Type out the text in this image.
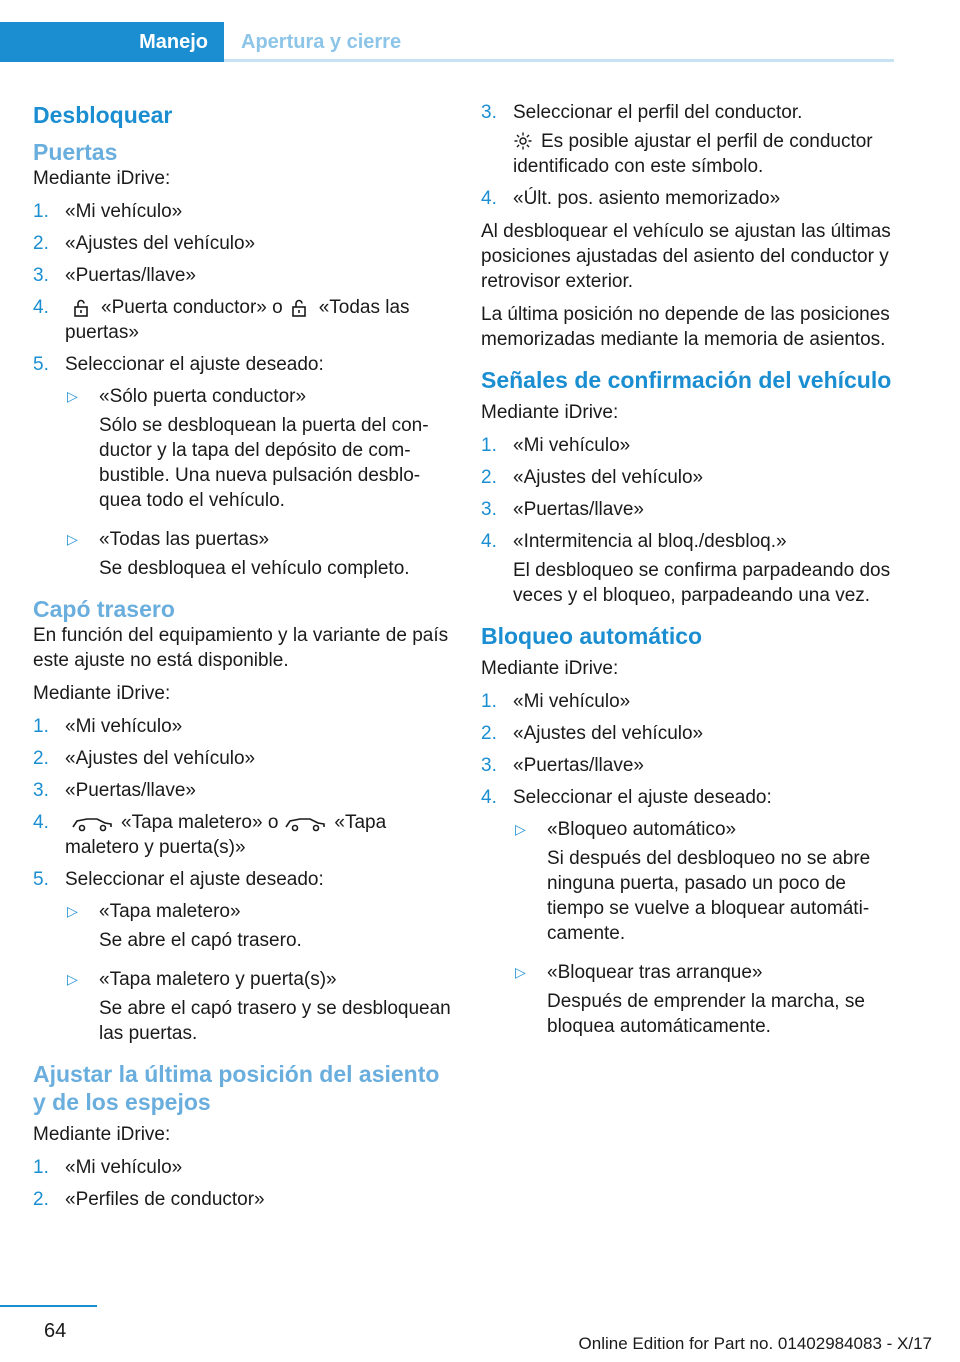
Manejo Apertura y cierre
Desbloquear
Puertas

Mediante iDrive:

1. «Mi vehículo»
2. «Ajustes del vehículo»
3. «Puertas/llave»
4.	«Puerta conductor» o «Todas las puertas»
5. Seleccionar el ajuste deseado:
▷ «Sólo puerta conductor»
Sólo se desbloquean la puerta del conductor y la tapa del depósito de combustible. Una nueva pulsación desbloquea todo el vehículo.
▷ «Todas las puertas»
Se desbloquea el vehículo completo.
Capó trasero

En función del equipamiento y la variante de país este ajuste no está disponible.

Mediante iDrive:

1. «Mi vehículo»
2. «Ajustes del vehículo»
3. «Puertas/llave»
4.	«Tapa maletero» o	«Tapa maletero y puerta(s)»
5. Seleccionar el ajuste deseado:
▷ «Tapa maletero»
Se abre el capó trasero.
▷ «Tapa maletero y puerta(s)»
Se abre el capó trasero y se desbloquean las puertas.
Ajustar la última posición del asiento y de los espejos

Mediante iDrive:

1. «Mi vehículo»
2. «Perfiles de conductor»
3. Seleccionar el perfil del conductor.
Es posible ajustar el perfil de conductor identificado con este símbolo.
4. «Últ. pos. asiento memorizado»

Al desbloquear el vehículo se ajustan las últimas posiciones ajustadas del asiento del conductor y retrovisor exterior.

La última posición no depende de las posiciones memorizadas mediante la memoria de asientos.

Señales de confirmación del vehículo

Mediante iDrive:

1. «Mi vehículo»
2. «Ajustes del vehículo»
3. «Puertas/llave»
4. «Intermitencia al bloq./desbloq.»
El desbloqueo se confirma parpadeando dos veces y el bloqueo, parpadeando una vez.
Bloqueo automático

Mediante iDrive:

1. «Mi vehículo»
2. «Ajustes del vehículo»
3. «Puertas/llave»
4. Seleccionar el ajuste deseado:
▷ «Bloqueo automático»
Si después del desbloqueo no se abre ninguna puerta, pasado un poco de tiempo se vuelve a bloquear automáticamente.
▷ «Bloquear tras arranque»
Después de emprender la marcha, se bloquea automáticamente.
64
Online Edition for Part no. 01402984083 - X/17
